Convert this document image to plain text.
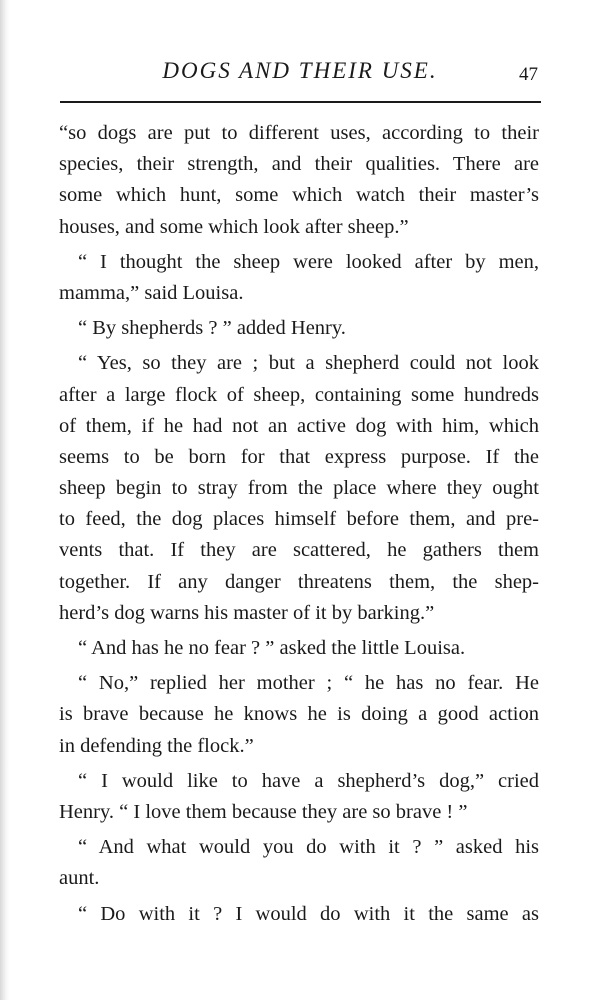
DOGS AND THEIR USE.	47
“so dogs are put to different uses, according to their
species, their strength, and their qualities. There are
some which hunt, some which watch their master’s
houses, and some which look after sheep.”
“ I thought the sheep were looked after by men,
mamma,” said Louisa.
“ By shepherds ? ” added Henry.
“ Yes, so they are ; but a shepherd could not look
after a large flock of sheep, containing some hundreds
of them, if he had not an active dog with him, which
seems to be born for that express purpose. If the
sheep begin to stray from the place where they ought
to feed, the dog places himself before them, and pre-
vents that. If they are scattered, he gathers them
together. If any danger threatens them, the shep-
herd’s dog warns his master of it by barking.”
“ And has he no fear ? ” asked the little Louisa.
“ No,” replied her mother ; “ he has no fear. He
is brave because he knows he is doing a good action
in defending the flock.”
“ I would like to have a shepherd’s dog,” cried
Henry. “ I love them because they are so brave ! ”
“ And what would you do with it ? ” asked his
aunt.
“ Do with it ? I would do with it the same as
